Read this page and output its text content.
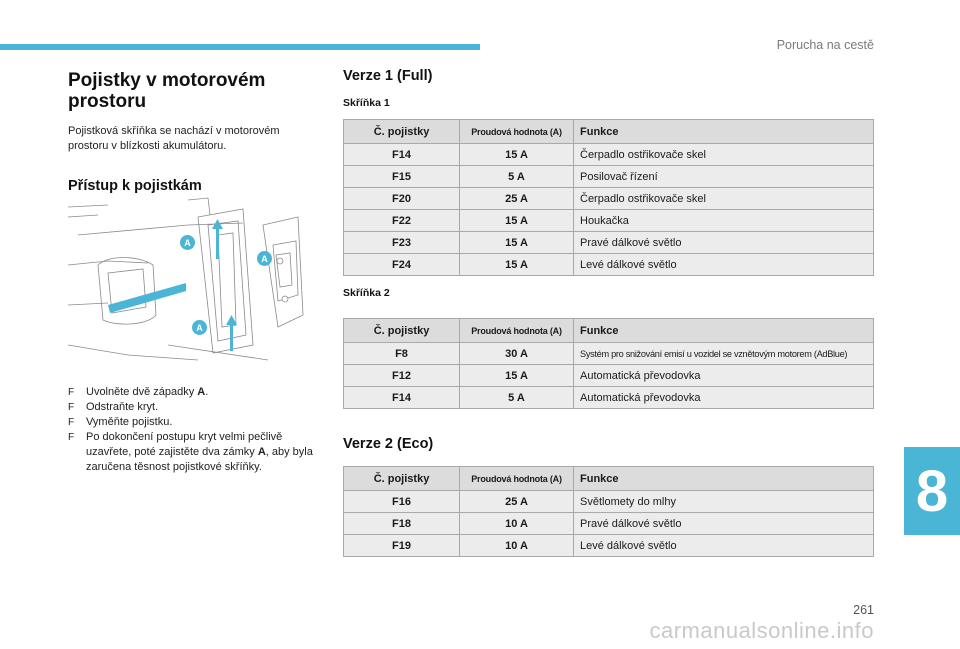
Porucha na cestě
8
261
carmanualsonline.info
Pojistky v motorovém prostoru

Pojistková skříňka se nachází v motorovém prostoru v blízkosti akumulátoru.

Přístup k pojistkám
A
A
A
F Uvolněte dvě západky A.
F Odstraňte kryt.
F Vyměňte pojistku.
F Po dokončení postupu kryt velmi pečlivě uzavřete, poté zajistěte dva zámky A, aby byla zaručena těsnost pojistkové skříňky.
Verze 1 (Full)
Skříňka 1
Č. pojistky	Proudová hodnota (A)	Funkce
F14	15 A	Čerpadlo ostřikovače skel
F15	5 A	Posilovač řízení
F20	25 A	Čerpadlo ostřikovače skel
F22	15 A	Houkačka
F23	15 A	Pravé dálkové světlo
F24	15 A	Levé dálkové světlo
Skříňka 2
Č. pojistky	Proudová hodnota (A)	Funkce
F8	30 A	Systém pro snižování emisí u vozidel se vznětovým motorem (AdBlue)
F12	15 A	Automatická převodovka
F14	5 A	Automatická převodovka
Verze 2 (Eco)
Č. pojistky	Proudová hodnota (A)	Funkce
F16	25 A	Světlomety do mlhy
F18	10 A	Pravé dálkové světlo
F19	10 A	Levé dálkové světlo
